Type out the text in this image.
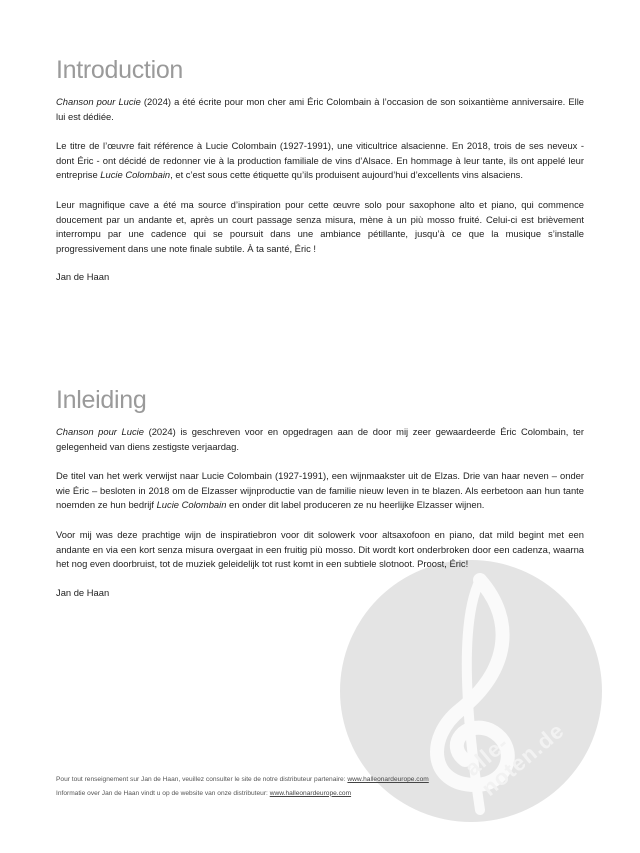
alle-noten.de
Introduction

Chanson pour Lucie (2024) a été écrite pour mon cher ami Éric Colombain à l’occasion de son soixantième anniversaire. Elle lui est dédiée.

Le titre de l’œuvre fait référence à Lucie Colombain (1927-1991), une viticultrice alsacienne. En 2018, trois de ses neveux - dont Éric - ont décidé de redonner vie à la production familiale de vins d’Alsace. En hommage à leur tante, ils ont appelé leur entreprise Lucie Colombain, et c’est sous cette étiquette qu’ils produisent aujourd’hui d’excellents vins alsaciens.

Leur magnifique cave a été ma source d’inspiration pour cette œuvre solo pour saxophone alto et piano, qui commence doucement par un andante et, après un court passage senza misura, mène à un più mosso fruité. Celui-ci est brièvement interrompu par une cadence qui se poursuit dans une ambiance pétillante, jusqu’à ce que la musique s’installe progressivement dans une note finale subtile. À ta santé, Éric !

Jan de Haan
Inleiding

Chanson pour Lucie (2024) is geschreven voor en opgedragen aan de door mij zeer gewaardeerde Éric Colombain, ter gelegenheid van diens zestigste verjaardag.

De titel van het werk verwijst naar Lucie Colombain (1927-1991), een wijnmaakster uit de Elzas. Drie van haar neven – onder wie Éric – besloten in 2018 om de Elzasser wijnproductie van de familie nieuw leven in te blazen. Als eerbetoon aan hun tante noemden ze hun bedrijf Lucie Colombain en onder dit label produceren ze nu heerlijke Elzasser wijnen.

Voor mij was deze prachtige wijn de inspiratiebron voor dit solowerk voor altsaxofoon en piano, dat mild begint met een andante en via een kort senza misura overgaat in een fruitig più mosso. Dit wordt kort onderbroken door een cadenza, waarna het nog even doorbruist, tot de muziek geleidelijk tot rust komt in een subtiele slotnoot. Proost, Éric!

Jan de Haan
Pour tout renseignement sur Jan de Haan, veuillez consulter le site de notre distributeur partenaire: www.halleonardeurope.com
Informatie over Jan de Haan vindt u op de website van onze distributeur: www.halleonardeurope.com
